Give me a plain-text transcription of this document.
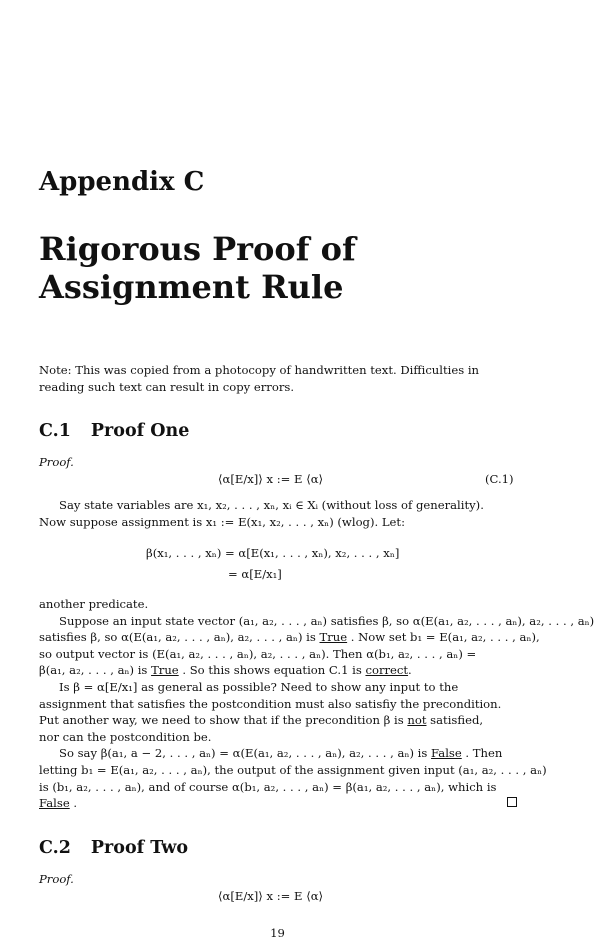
Appendix C
Rigorous Proof of
Assignment Rule
Note: This was copied from a photocopy of handwritten text. Difficulties in
reading such text can result in copy errors.
C.1 Proof One
Proof.
⟨α[E/x]⟩ x := E ⟨α⟩	(C.1)
Say state variables are x₁, x₂, . . . , xₙ, xᵢ ∈ Xᵢ (without loss of generality).
Now suppose assignment is x₁ := E(x₁, x₂, . . . , xₙ) (wlog). Let:
β(x₁, . . . , xₙ) = α[E(x₁, . . . , xₙ), x₂, . . . , xₙ]
= α[E/x₁]
another predicate.
Suppose an input state vector (a₁, a₂, . . . , aₙ) satisfies β, so α(E(a₁, a₂, . . . , aₙ), a₂, . . . , aₙ)
satisfies β, so α(E(a₁, a₂, . . . , aₙ), a₂, . . . , aₙ) is True . Now set b₁ = E(a₁, a₂, . . . , aₙ),
so output vector is (E(a₁, a₂, . . . , aₙ), a₂, . . . , aₙ). Then α(b₁, a₂, . . . , aₙ) =
β(a₁, a₂, . . . , aₙ) is True . So this shows equation C.1 is correct.
Is β = α[E/x₁] as general as possible? Need to show any input to the
assignment that satisfies the postcondition must also satisfiy the precondition.
Put another way, we need to show that if the precondition β is not satisfied,
nor can the postcondition be.
So say β(a₁, a − 2, . . . , aₙ) = α(E(a₁, a₂, . . . , aₙ), a₂, . . . , aₙ) is False . Then
letting b₁ = E(a₁, a₂, . . . , aₙ), the output of the assignment given input (a₁, a₂, . . . , aₙ)
is (b₁, a₂, . . . , aₙ), and of course α(b₁, a₂, . . . , aₙ) = β(a₁, a₂, . . . , aₙ), which is
False .
C.2 Proof Two
Proof.
⟨α[E/x]⟩ x := E ⟨α⟩
19
